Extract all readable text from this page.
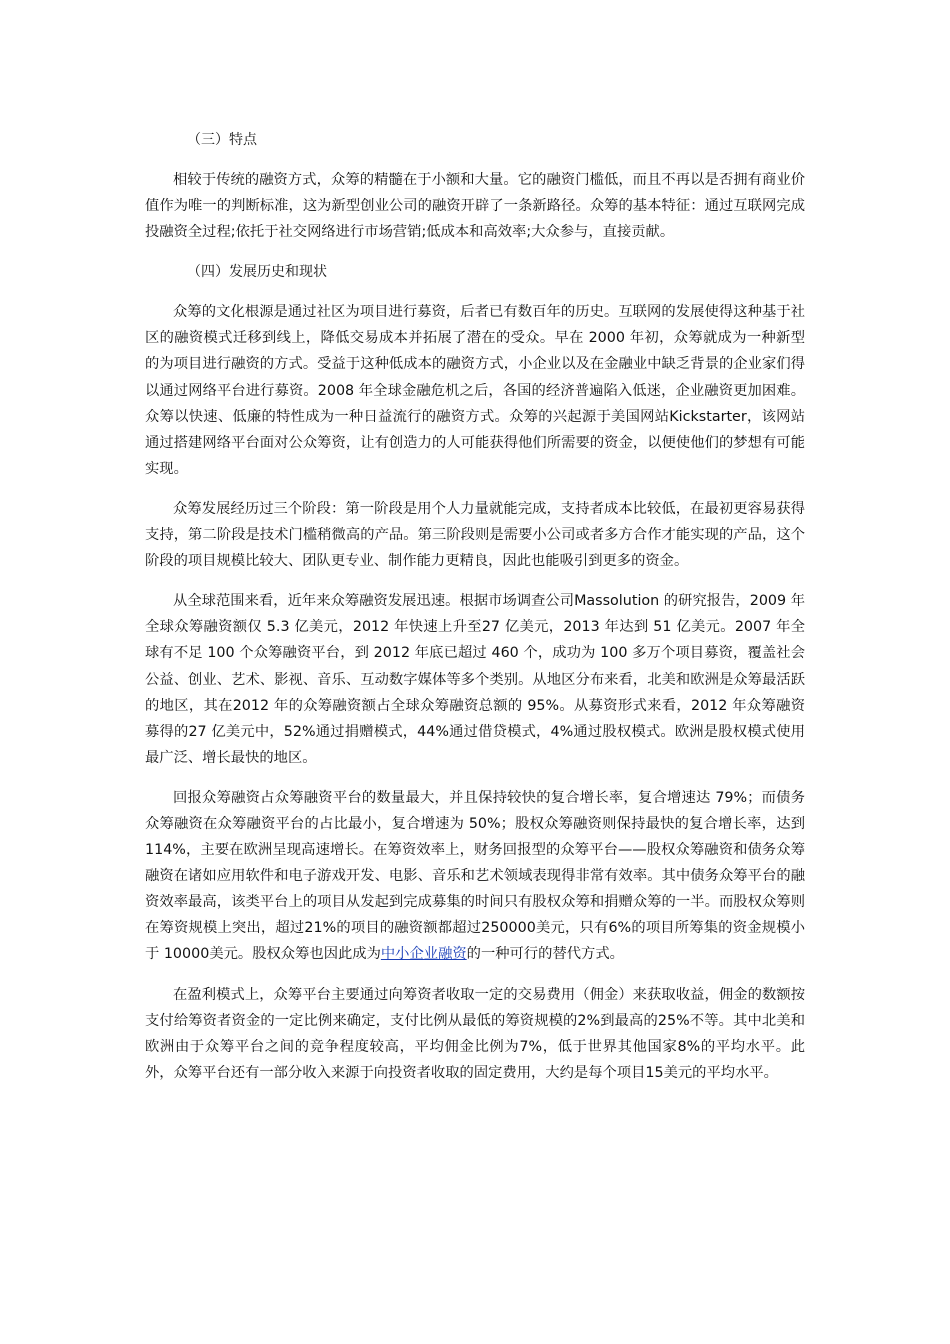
（三）特点

相较于传统的融资方式，众筹的精髓在于小额和大量。它的融资门槛低，而且不再以是否拥有商业价值作为唯一的判断标准，这为新型创业公司的融资开辟了一条新路径。众筹的基本特征：通过互联网完成投融资全过程;依托于社交网络进行市场营销;低成本和高效率;大众参与，直接贡献。

（四）发展历史和现状

众筹的文化根源是通过社区为项目进行募资，后者已有数百年的历史。互联网的发展使得这种基于社区的融资模式迁移到线上，降低交易成本并拓展了潜在的受众。早在 2000 年初，众筹就成为一种新型的为项目进行融资的方式。受益于这种低成本的融资方式，小企业以及在金融业中缺乏背景的企业家们得以通过网络平台进行募资。2008 年全球金融危机之后，各国的经济普遍陷入低迷，企业融资更加困难。众筹以快速、低廉的特性成为一种日益流行的融资方式。众筹的兴起源于美国网站Kickstarter，该网站通过搭建网络平台面对公众筹资，让有创造力的人可能获得他们所需要的资金，以便使他们的梦想有可能实现。

众筹发展经历过三个阶段：第一阶段是用个人力量就能完成，支持者成本比较低，在最初更容易获得支持，第二阶段是技术门槛稍微高的产品。第三阶段则是需要小公司或者多方合作才能实现的产品，这个阶段的项目规模比较大、团队更专业、制作能力更精良，因此也能吸引到更多的资金。

从全球范围来看，近年来众筹融资发展迅速。根据市场调查公司Massolution 的研究报告，2009 年全球众筹融资额仅 5.3 亿美元，2012 年快速上升至27 亿美元，2013 年达到 51 亿美元。2007 年全球有不足 100 个众筹融资平台，到 2012 年底已超过 460 个，成功为 100 多万个项目募资，覆盖社会公益、创业、艺术、影视、音乐、互动数字媒体等多个类别。从地区分布来看，北美和欧洲是众筹最活跃的地区，其在2012 年的众筹融资额占全球众筹融资总额的 95%。从募资形式来看，2012 年众筹融资募得的27 亿美元中，52%通过捐赠模式，44%通过借贷模式，4%通过股权模式。欧洲是股权模式使用最广泛、增长最快的地区。

回报众筹融资占众筹融资平台的数量最大，并且保持较快的复合增长率，复合增速达 79%；而债务众筹融资在众筹融资平台的占比最小，复合增速为 50%；股权众筹融资则保持最快的复合增长率，达到114%，主要在欧洲呈现高速增长。在筹资效率上，财务回报型的众筹平台——股权众筹融资和债务众筹融资在诸如应用软件和电子游戏开发、电影、音乐和艺术领域表现得非常有效率。其中债务众筹平台的融资效率最高，该类平台上的项目从发起到完成募集的时间只有股权众筹和捐赠众筹的一半。而股权众筹则在筹资规模上突出，超过21%的项目的融资额都超过250000美元，只有6%的项目所筹集的资金规模小于 10000美元。股权众筹也因此成为中小企业融资的一种可行的替代方式。

在盈利模式上，众筹平台主要通过向筹资者收取一定的交易费用（佣金）来获取收益，佣金的数额按支付给筹资者资金的一定比例来确定，支付比例从最低的筹资规模的2%到最高的25%不等。其中北美和欧洲由于众筹平台之间的竞争程度较高，平均佣金比例为7%，低于世界其他国家8%的平均水平。此外，众筹平台还有一部分收入来源于向投资者收取的固定费用，大约是每个项目15美元的平均水平。
